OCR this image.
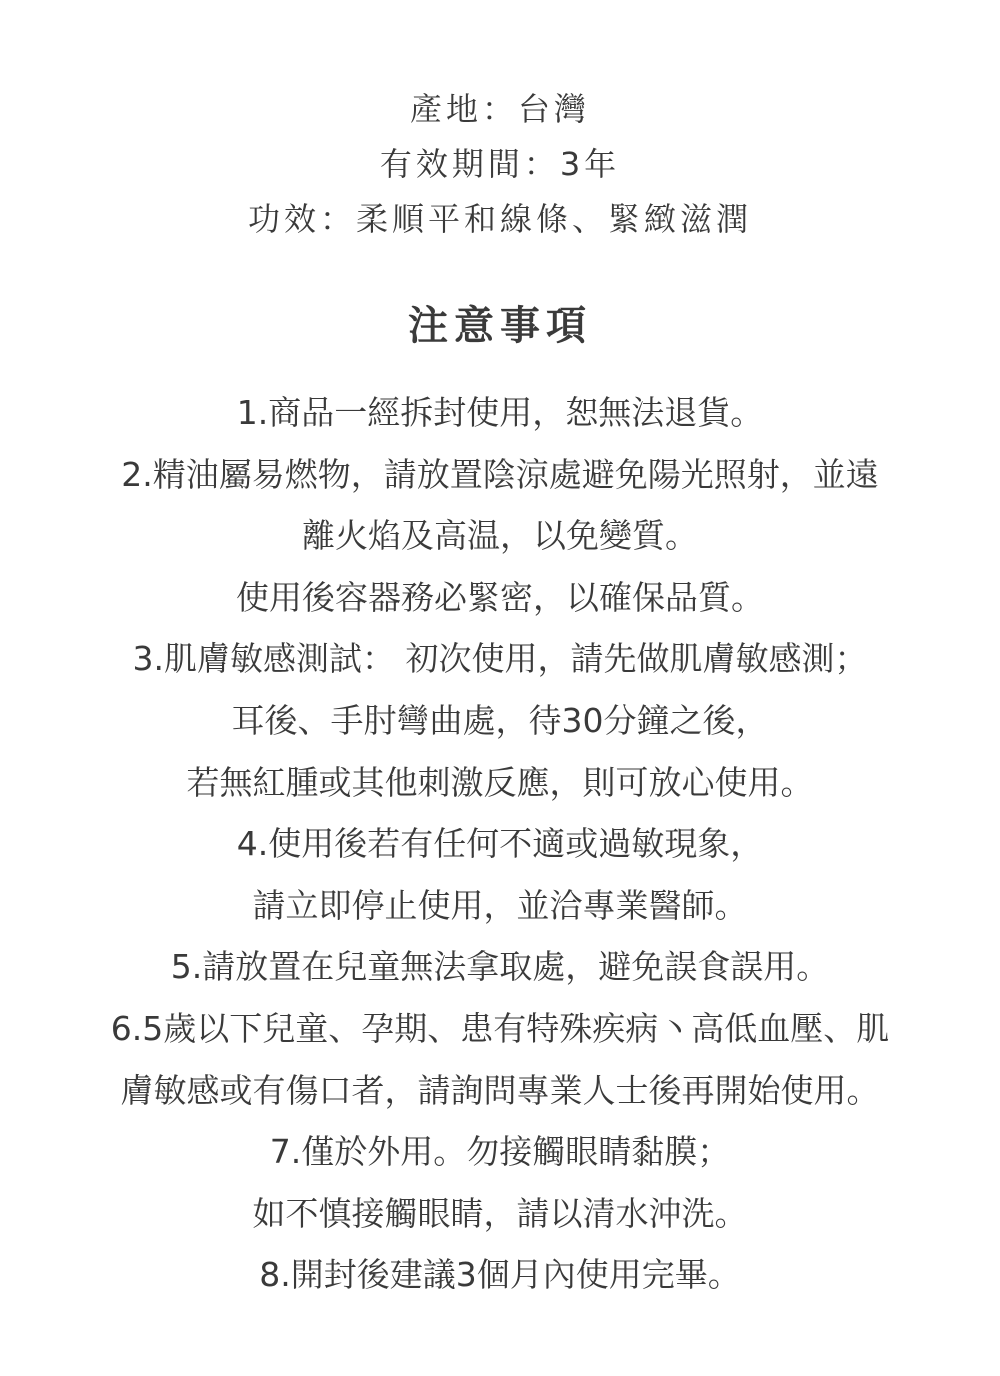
產地：台灣
有效期間：3年
功效：柔順平和線條、緊緻滋潤
注意事項
1.商品一經拆封使用，恕無法退貨。
2.精油屬易燃物，請放置陰涼處避免陽光照射，並遠
離火焰及高温，以免變質。
使用後容器務必緊密，以確保品質。
3.肌膚敏感測試： 初次使用，請先做肌膚敏感測；
耳後、手肘彎曲處，待30分鐘之後，
若無紅腫或其他刺激反應，則可放心使用。
4.使用後若有任何不適或過敏現象，
請立即停止使用，並洽專業醫師。
5.請放置在兒童無法拿取處，避免誤食誤用。
6.5歲以下兒童、孕期、患有特殊疾病丶高低血壓、肌
膚敏感或有傷口者，請詢問專業人士後再開始使用。
7.僅於外用。勿接觸眼睛黏膜；
如不慎接觸眼睛，請以清水沖洗。
8.開封後建議3個月內使用完畢。
